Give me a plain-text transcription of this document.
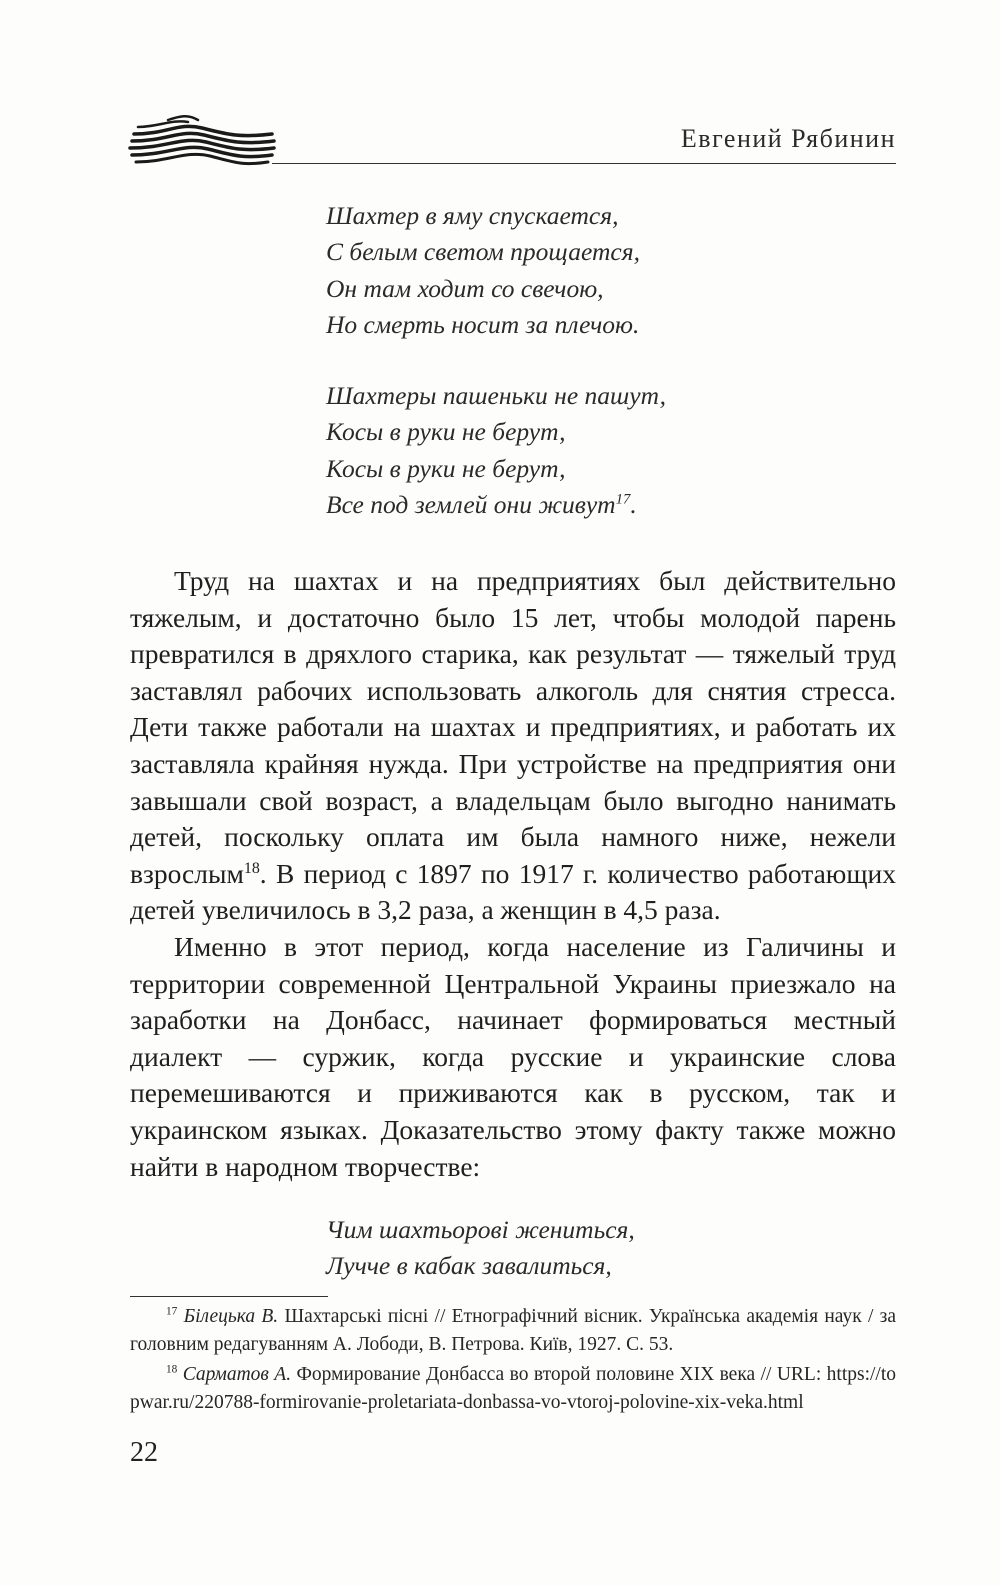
Евгений Рябинин
Шахтер в яму спускается,
С белым светом прощается,
Он там ходит со свечою,
Но смерть носит за плечою.
Шахтеры пашеньки не пашут,
Косы в руки не берут,
Косы в руки не берут,
Все под землей они живут$^{17}$.

Труд на шахтах и на предприятиях был действительно тяжелым, и достаточно было 15 лет, чтобы молодой парень превратился в дряхлого старика, как результат — тяжелый труд заставлял рабочих использовать алкоголь для снятия стресса. Дети также работали на шахтах и предприятиях, и работать их заставляла крайняя нужда. При устройстве на предприятия они завышали свой возраст, а владельцам было выгодно нанимать детей, поскольку оплата им была намного ниже, нежели взрослым$^{18}$. В период с 1897 по 1917 г. количество работающих детей увеличилось в 3,2 раза, а женщин в 4,5 раза.

Именно в этот период, когда население из Галичины и территории современной Центральной Украины приезжало на заработки на Донбасс, начинает формироваться местный диалект — суржик, когда русские и украинские слова перемешиваются и приживаются как в русском, так и украинском языках. Доказательство этому факту также можно найти в народном творчестве:

Чим шахтьорові жениться,
Лучче в кабак завалиться,

$^{17}$ Білецька В. Шахтарські пісні // Етнографічний вісник. Українська академія наук / за головним редагуванням А. Лободи, В. Петрова. Київ, 1927. С. 53.

$^{18}$ Сарматов А. Формирование Донбасса во второй половине XIX века // URL: https://topwar.ru/220788-formirovanie-proletariata-donbassa-vo-vtoroj-polovine-xix-veka.html

22
